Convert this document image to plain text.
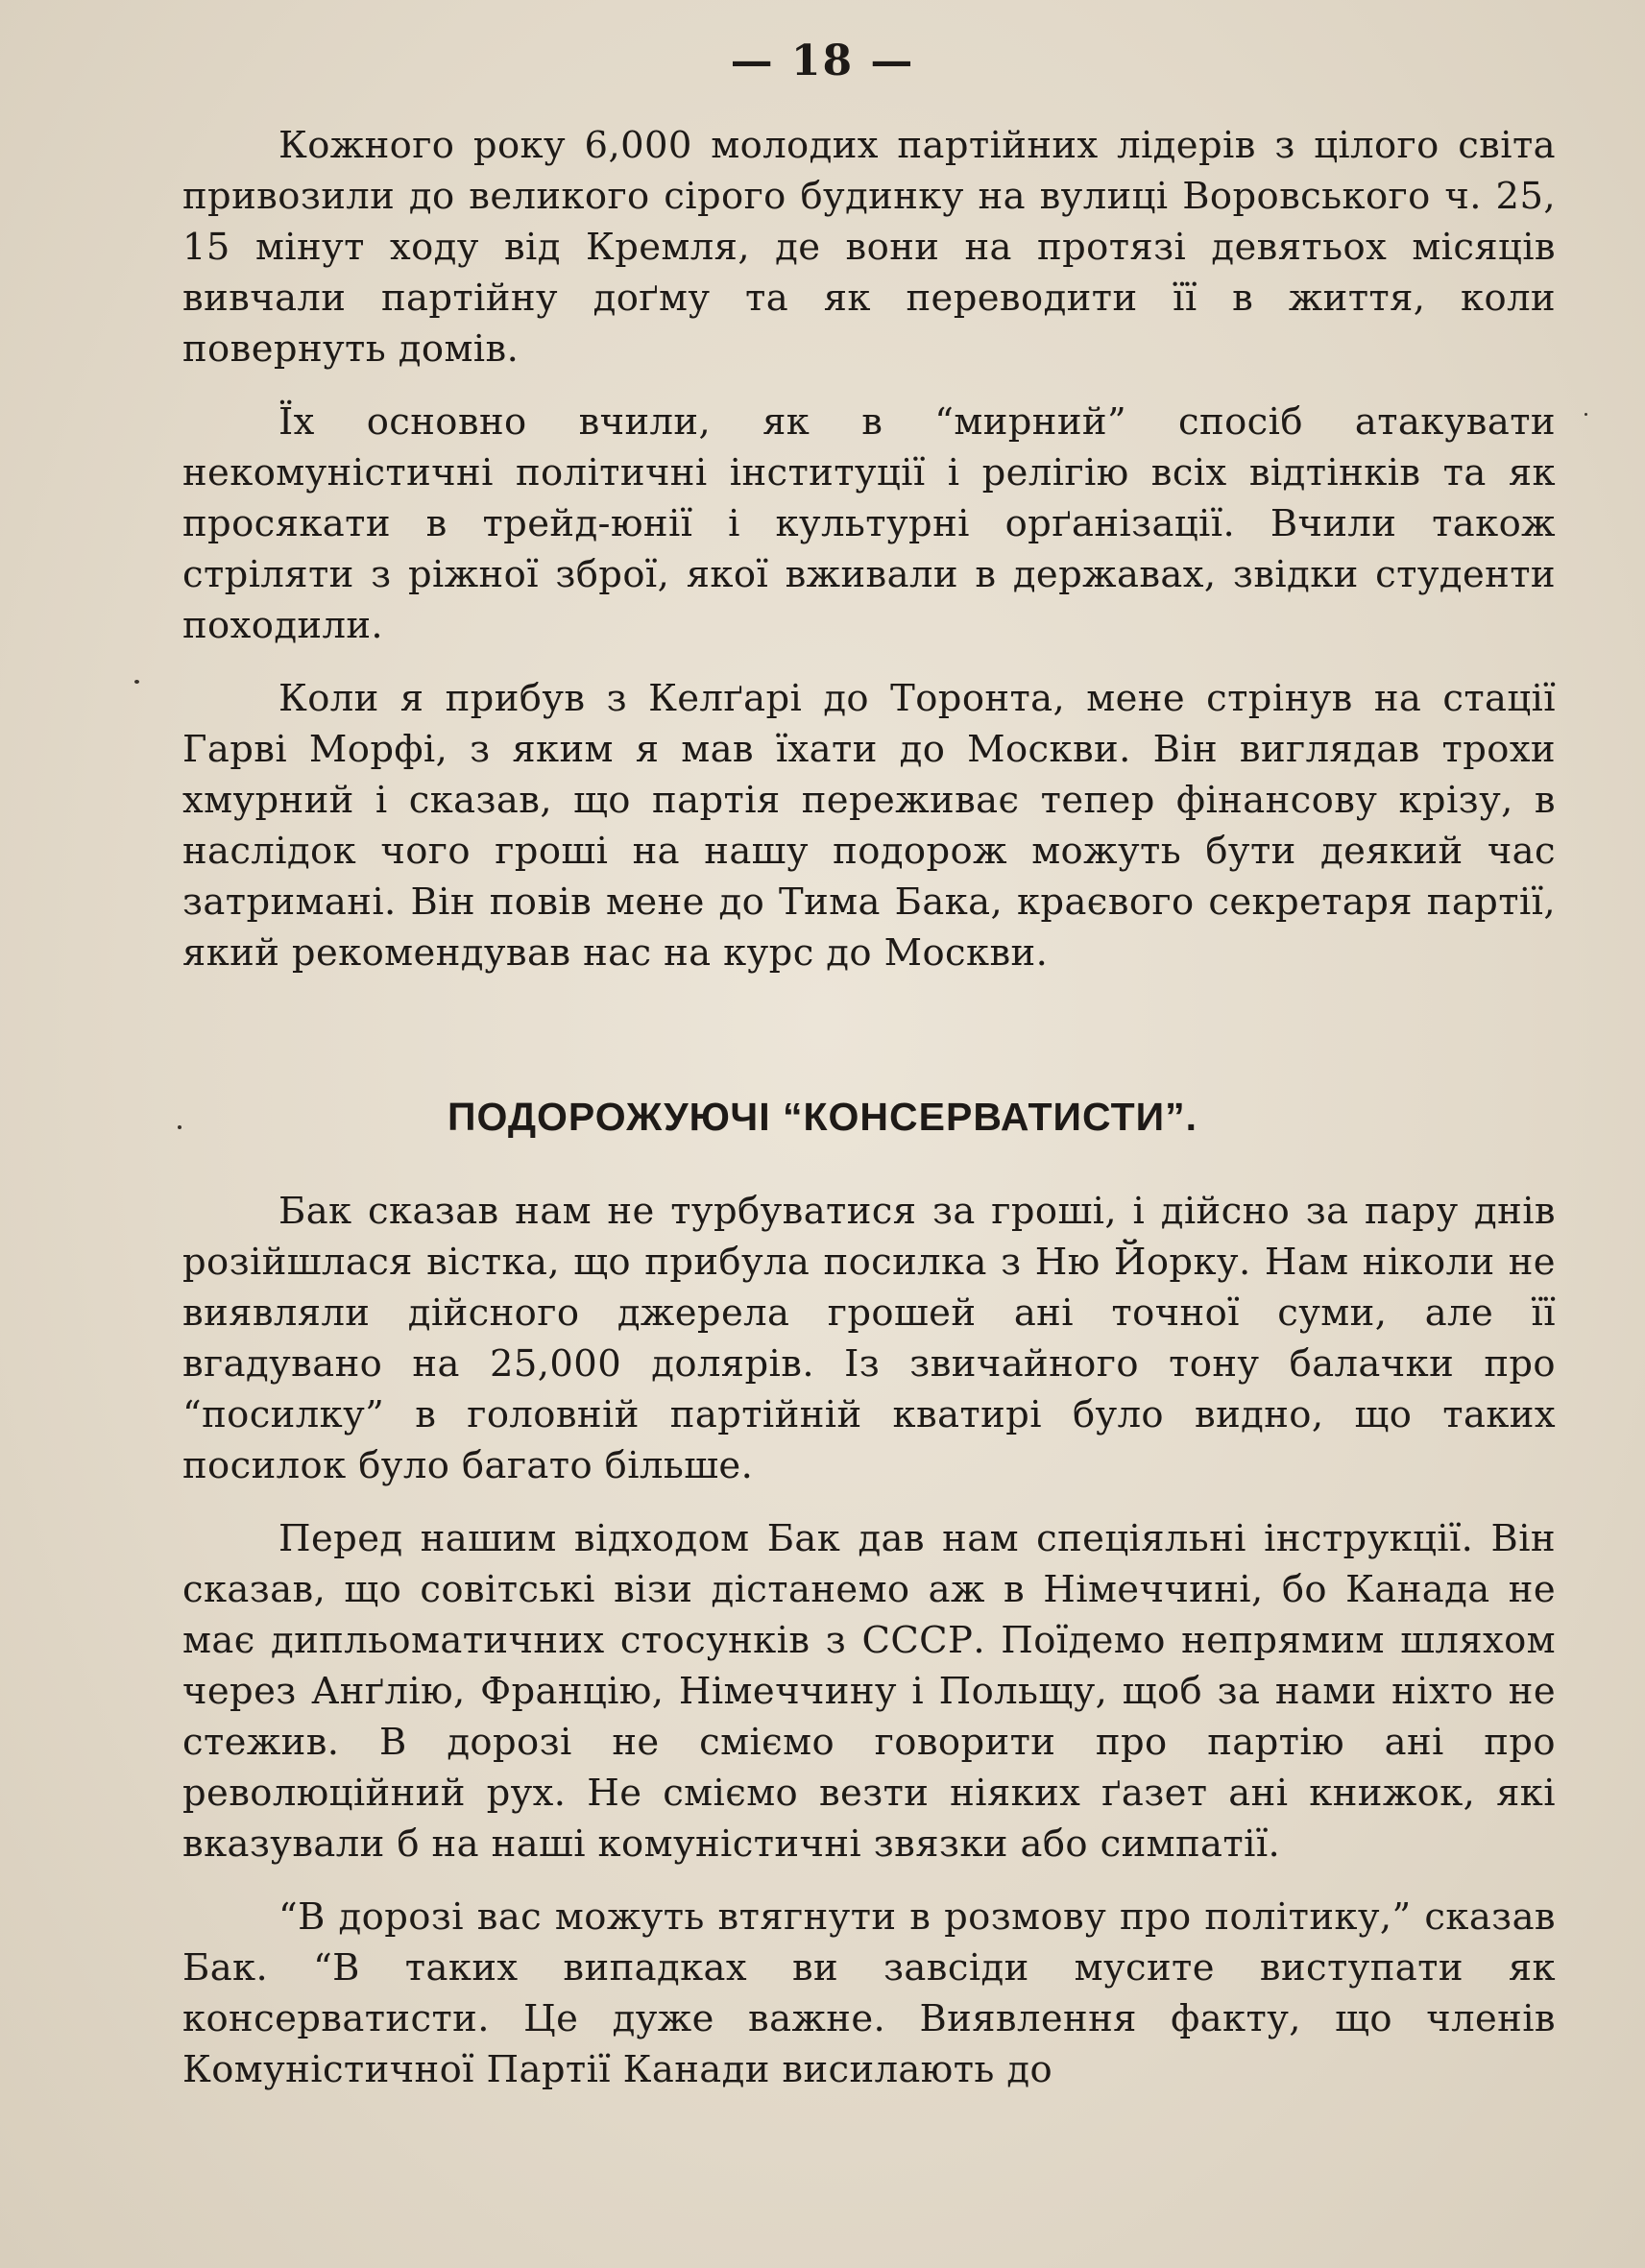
— 18 —

Кожного року 6,000 молодих партійних лідерів з цілого світа привозили до великого сірого будинку на вулиці Воровського ч. 25, 15 мінут ходу від Кремля, де вони на протязі девятьох місяців вивчали партійну доґму та як переводити її в життя, коли повернуть домів.

Їх основно вчили, як в “мирний” спосіб атакувати некомуністичні політичні інституції і релігію всіх відтінків та як просякати в трейд-юнії і культурні орґанізації. Вчили також стріляти з ріжної зброї, якої вживали в державах, звідки студенти походили.

Коли я прибув з Келґарі до Торонта, мене стрінув на стації Гарві Морфі, з яким я мав їхати до Москви. Він виглядав трохи хмурний і сказав, що партія переживає тепер фінансову крізу, в наслідок чого гроші на нашу подорож можуть бути деякий час затримані. Він повів мене до Тима Бака, краєвого секретаря партії, який рекомендував нас на курс до Москви.

ПОДОРОЖУЮЧІ “КОНСЕРВАТИСТИ”.

Бак сказав нам не турбуватися за гроші, і дійсно за пару днів розійшлася вістка, що прибула посилка з Ню Йорку. Нам ніколи не виявляли дійсного джерела грошей ані точної суми, але її вгадувано на 25,000 долярів. Із звичайного тону балачки про “посилку” в головній партійній кватирі було видно, що таких посилок було багато більше.

Перед нашим відходом Бак дав нам спеціяльні інструкції. Він сказав, що совітські візи дістанемо аж в Німеччині, бо Канада не має дипльоматичних стосунків з СССР. Поїдемо непрямим шляхом через Анґлію, Францію, Німеччину і Польщу, щоб за нами ніхто не стежив. В дорозі не сміємо говорити про партію ані про революційний рух. Не сміємо везти ніяких ґазет ані книжок, які вказували б на наші комуністичні звязки або симпатії.

“В дорозі вас можуть втягнути в розмову про політику,” сказав Бак. “В таких випадках ви завсіди мусите виступати як консерватисти. Це дуже важне. Виявлення факту, що членів Комуністичної Партії Канади висилають до
